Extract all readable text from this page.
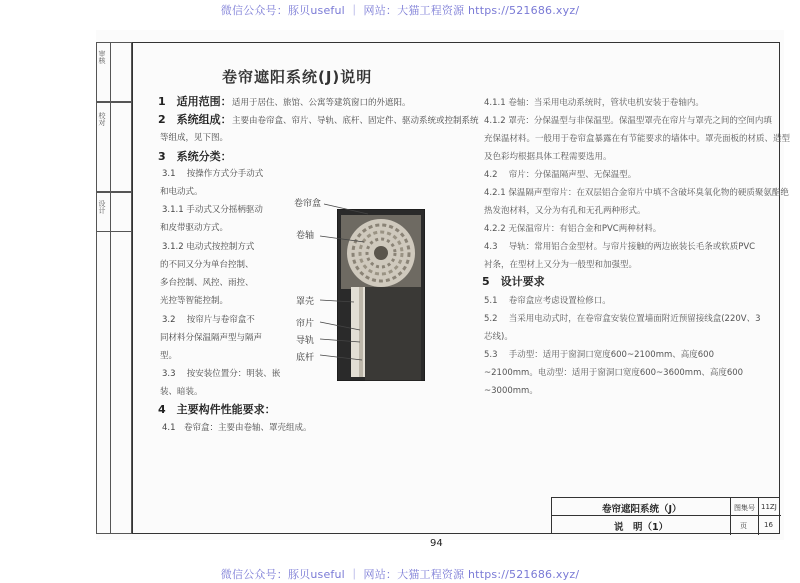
微信公众号：豚贝useful ｜ 网站：大猫工程资源 https://521686.xyz/
审核
校对
设计
卷帘遮阳系统(J)说明
1　适用范围： 适用于居住、旅馆、公寓等建筑窗口的外遮阳。
2　系统组成： 主要由卷帘盒、帘片、导轨、底杆、固定件、驱动系统或控制系统
等组成，见下图。
3　系统分类：
3.1　 按操作方式分手动式
和电动式。
3.1.1 手动式又分摇柄驱动
和皮带驱动方式。
3.1.2 电动式按控制方式
的不同又分为单台控制、
多台控制、风控、雨控、
光控等智能控制。
3.2　 按帘片与卷帘盒不
同材料分保温隔声型与隔声
型。
3.3　 按安装位置分：明装、嵌
装、暗装。
4　主要构件性能要求：
4.1　卷帘盒：主要由卷轴、罩壳组成。
卷帘盒
卷轴
罩壳
帘片
导轨
底杆
4.1.1 卷轴：当采用电动系统时，管状电机安装于卷轴内。
4.1.2 罩壳：分保温型与非保温型。保温型罩壳在帘片与罩壳之间的空间内填
充保温材料。一般用于卷帘盒暴露在有节能要求的墙体中。罩壳面板的材质、造型
及色彩均根据具体工程需要选用。
4.2　 帘片：分保温隔声型、无保温型。
4.2.1 保温隔声型帘片：在双层铝合金帘片中填不含破坏臭氧化物的硬质聚氨酯绝
热发泡材料，又分为有孔和无孔两种形式。
4.2.2 无保温帘片：有铝合金和PVC两种材料。
4.3　 导轨：常用铝合金型材。与帘片接触的两边嵌装长毛条或软质PVC
衬条，在型材上又分为一般型和加强型。
5　设计要求
5.1　 卷帘盒应考虑设置检修口。
5.2　 当采用电动式时，在卷帘盒安装位置墙面附近预留接线盒(220V、3
芯线)。
5.3　 手动型：适用于窗洞口宽度600~2100mm、高度600
~2100mm。电动型：适用于窗洞口宽度600~3600mm、高度600
~3000mm。
卷帘遮阳系统（J）
说　明（1）
图集号 11ZJ
页 16
94
微信公众号：豚贝useful ｜ 网站：大猫工程资源 https://521686.xyz/
